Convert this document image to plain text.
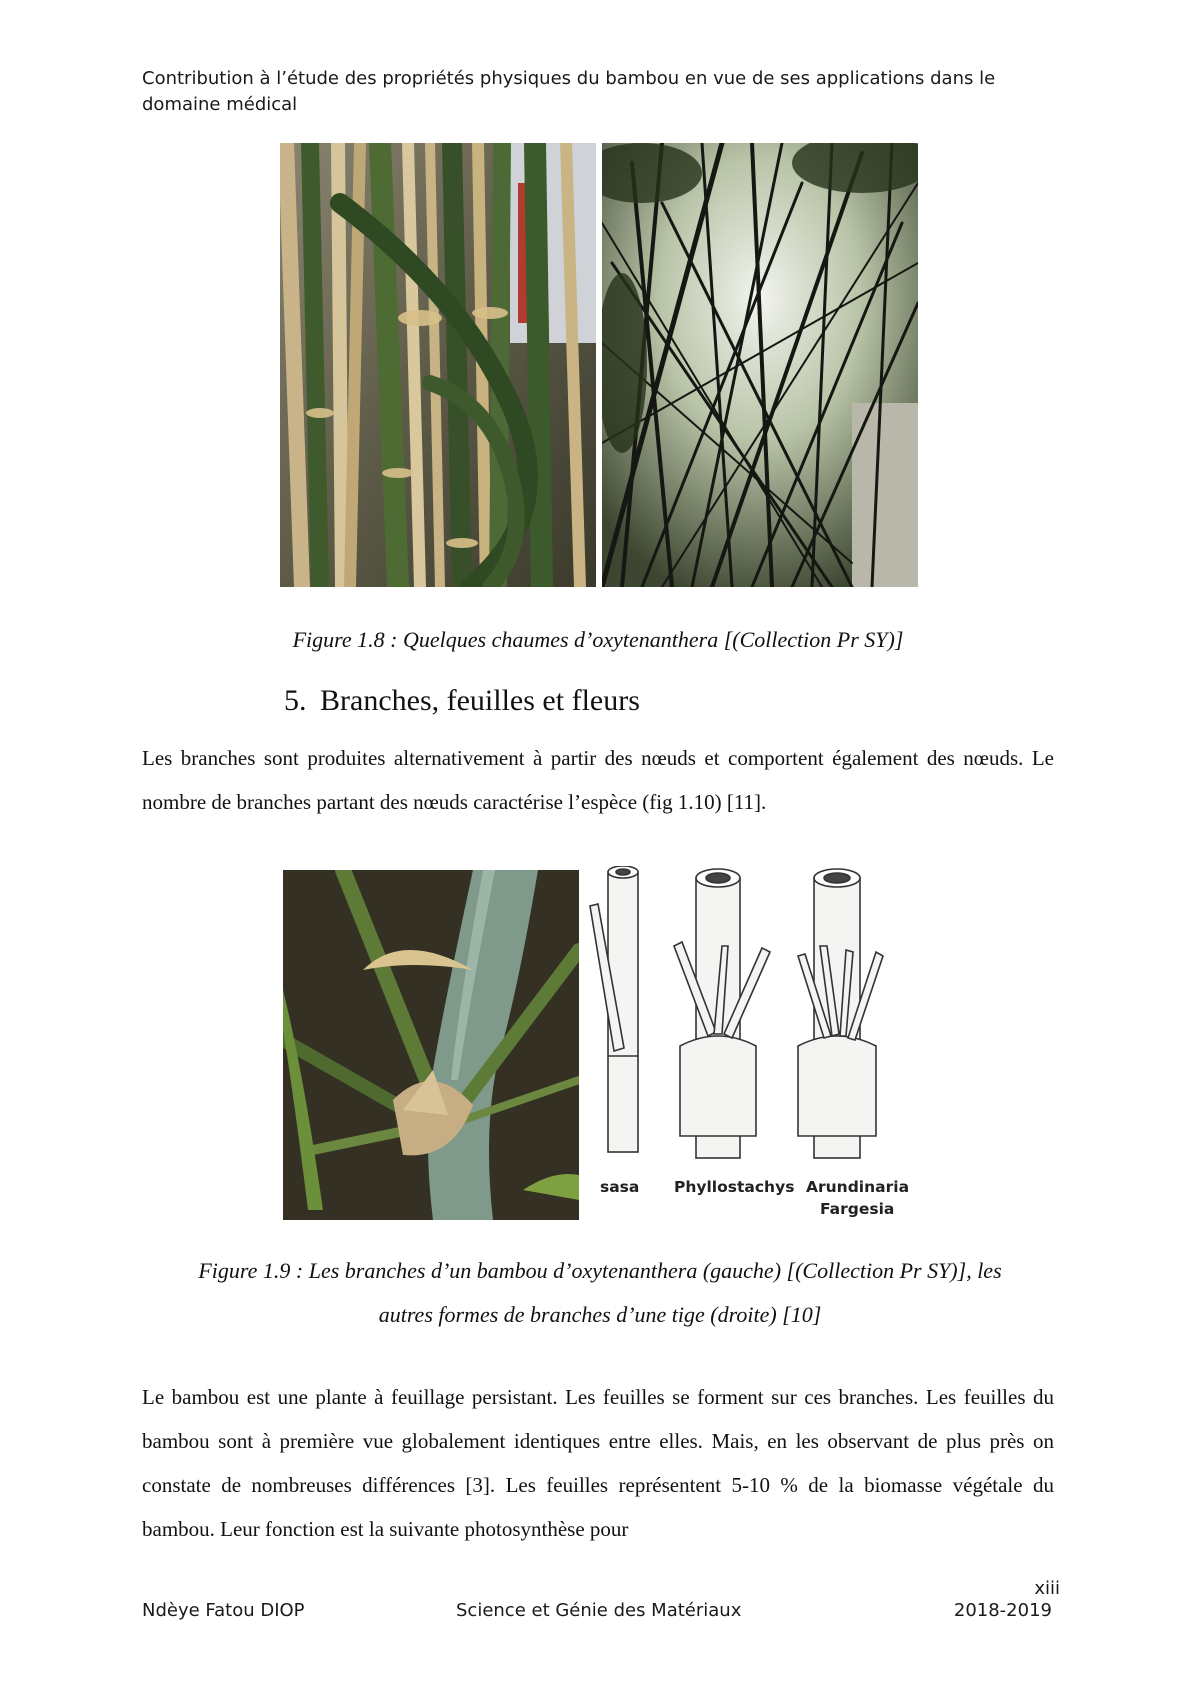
Contribution à l’étude des propriétés physiques du bambou en vue de ses applications dans le domaine médical
Figure 1.8 : Quelques chaumes d’oxytenanthera [(Collection Pr SY)]
5. Branches, feuilles et fleurs
Les branches sont produites alternativement à partir des nœuds et comportent également des nœuds. Le nombre de branches partant des nœuds caractérise l’espèce (fig 1.10) [11].
sasa Phyllostachys Arundinaria
Fargesia
Figure 1.9 : Les branches d’un bambou d’oxytenanthera (gauche) [(Collection Pr SY)], les
autres formes de branches d’une tige (droite) [10]
Le bambou est une plante à feuillage persistant. Les feuilles se forment sur ces branches. Les feuilles du bambou sont à première vue globalement identiques entre elles. Mais, en les observant de plus près on constate de nombreuses différences [3]. Les feuilles représentent 5-10 % de la biomasse végétale du bambou. Leur fonction est la suivante photosynthèse pour
xiii
Ndèye Fatou DIOP	Science et Génie des Matériaux	2018-2019
